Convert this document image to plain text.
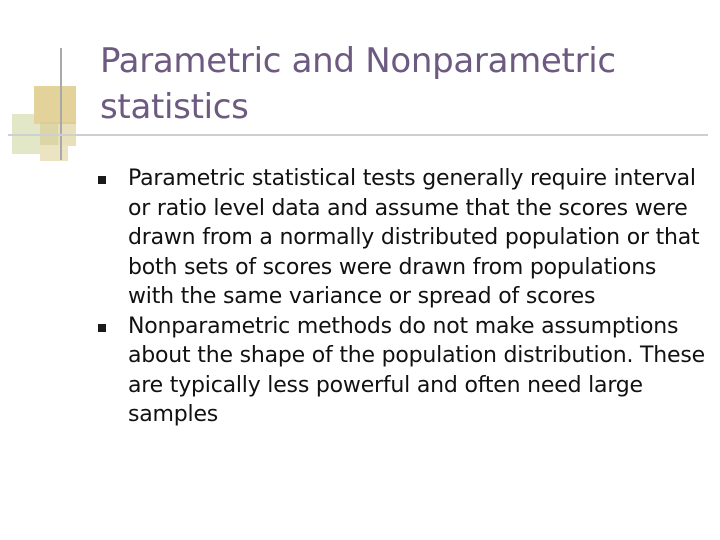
Parametric and Nonparametric statistics
Parametric statistical tests generally require interval or ratio level data and assume that the scores were drawn from a normally distributed population or that both sets of scores were drawn from populations with the same variance or spread of scores
Nonparametric methods do not make assumptions about the shape of the population distribution. These are typically less powerful and often need large samples
